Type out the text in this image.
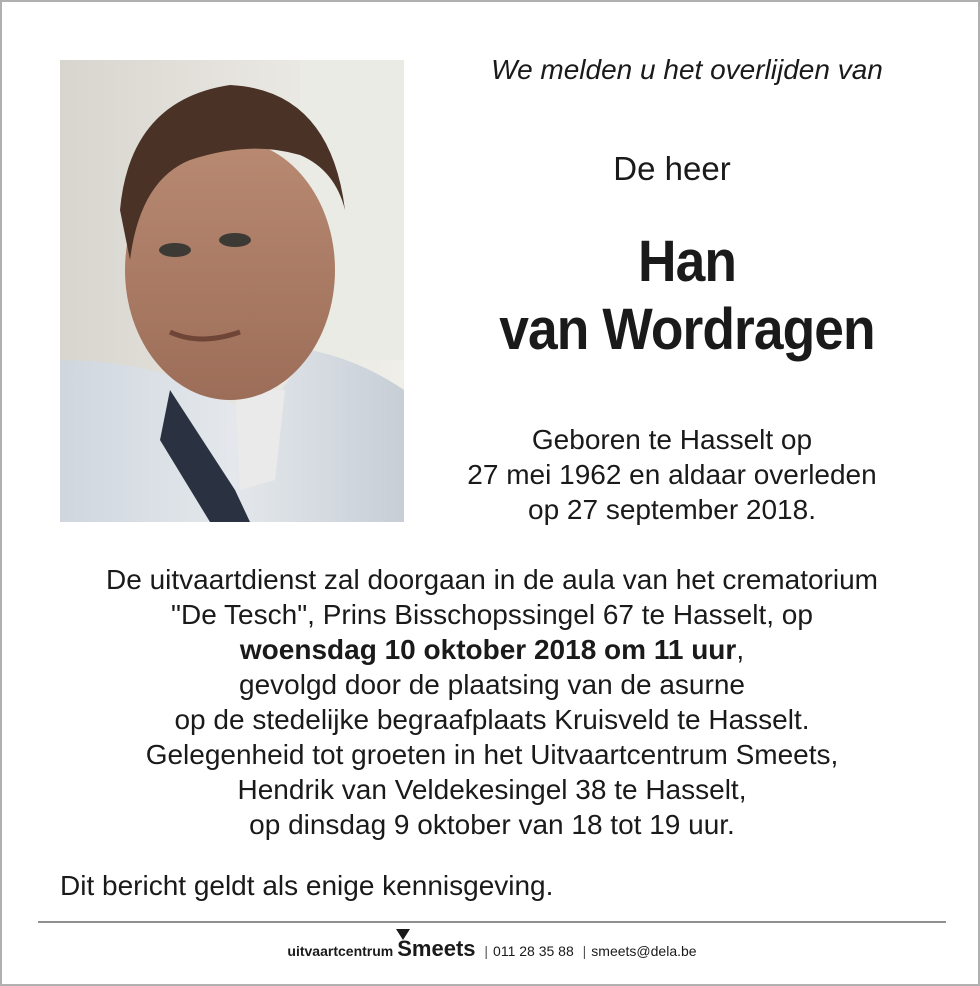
We melden u het overlijden van
De heer
Han
van Wordragen
Geboren te Hasselt op
27 mei 1962 en aldaar overleden
op 27 september 2018.
De uitvaartdienst zal doorgaan in de aula van het crematorium
"De Tesch", Prins Bisschopssingel 67 te Hasselt, op
woensdag 10 oktober 2018 om 11 uur,
gevolgd door de plaatsing van de asurne
op de stedelijke begraafplaats Kruisveld te Hasselt.
Gelegenheid tot groeten in het Uitvaartcentrum Smeets,
Hendrik van Veldekesingel 38 te Hasselt,
op dinsdag 9 oktober van 18 tot 19 uur.
Dit bericht geldt als enige kennisgeving.
uitvaartcentrum Smeets | 011 28 35 88 | smeets@dela.be
